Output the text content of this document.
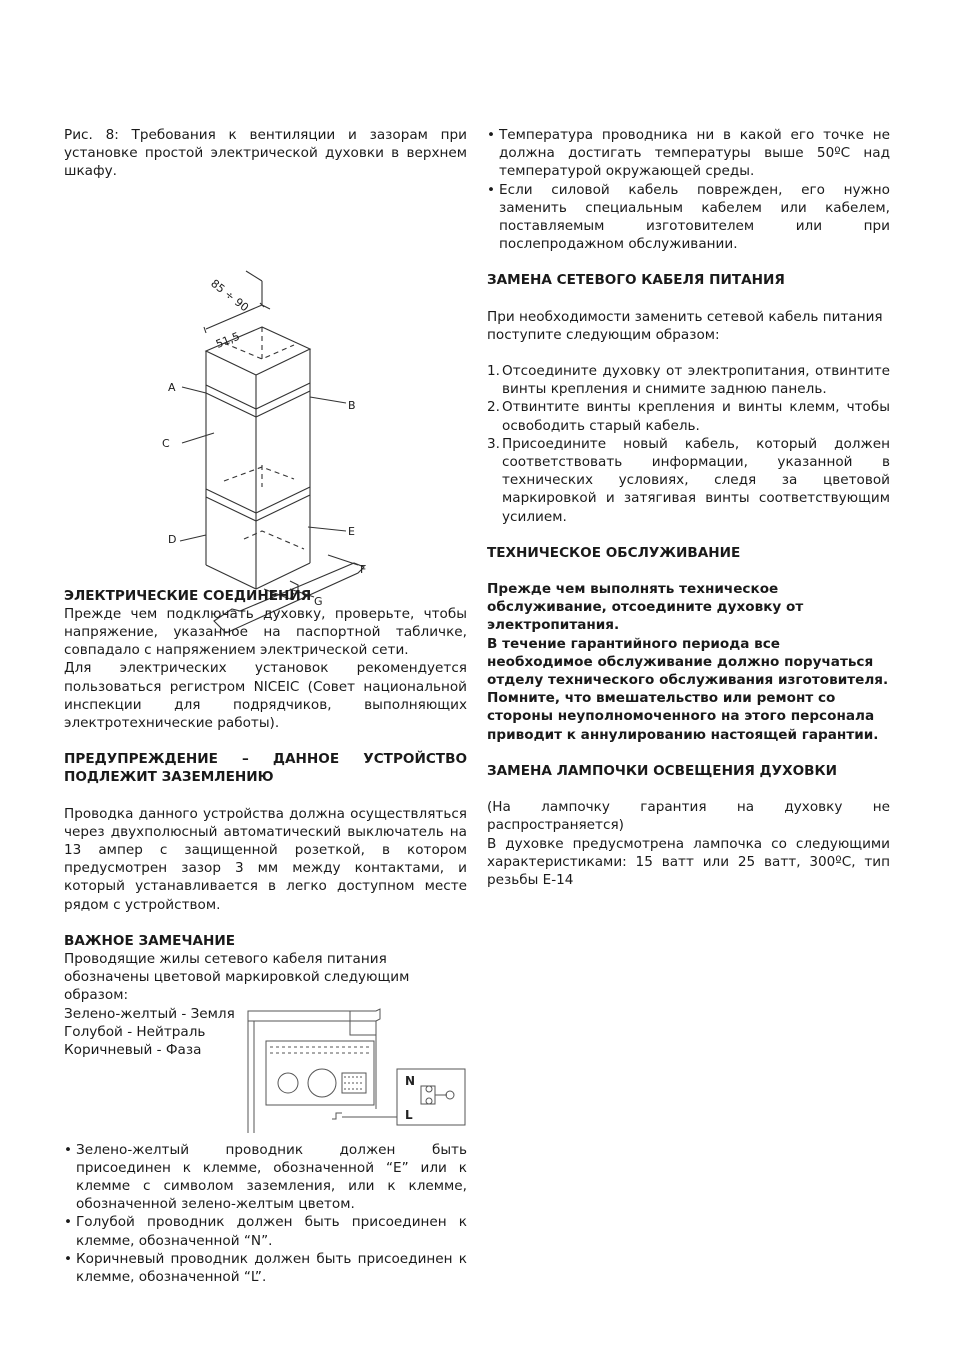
Рис. 8: Требования к вентиляции и зазорам при установке простой электрической духовки в верхнем шкафу.

85 ÷ 90
51,5
A
B
C
D
E
F
G
ЭЛЕКТРИЧЕСКИЕ СОЕДИНЕНИЯ

Прежде чем подключать духовку, проверьте, чтобы напряжение, указанное на паспортной табличке, совпадало с напряжением электрической сети.

Для электрических установок рекомендуется пользоваться регистром NICEIC (Совет национальной инспекции для подрядчиков, выполняющих электротехнические работы).

ПРЕДУПРЕЖДЕНИЕ – ДАННОЕ УСТРОЙСТВО ПОДЛЕЖИТ ЗАЗЕМЛЕНИЮ

Проводка данного устройства должна осуществляться через двухполюсный автоматический выключатель на 13 ампер с защищенной розеткой, в котором предусмотрен зазор 3 мм между контактами, и который устанавливается в легко доступном месте рядом с устройством.

ВАЖНОЕ ЗАМЕЧАНИЕ

Проводящие жилы сетевого кабеля питания обозначены цветовой маркировкой следующим образом:

Зелено-желтый - Земля

Голубой - Нейтраль

Коричневый - Фаза

N
L
• Зелено-желтый проводник должен быть присоединен к клемме, обозначенной “E” или к клемме с символом заземления, или к клемме, обозначенной зелено-желтым цветом.
• Голубой проводник должен быть присоединен к клемме, обозначенной “N”.
• Коричневый проводник должен быть присоединен к клемме, обозначенной “L”.
• Температура проводника ни в какой его точке не должна достигать температуры выше 50ºC над температурой окружающей среды.
• Если силовой кабель поврежден, его нужно заменить специальным кабелем или кабелем, поставляемым изготовителем или при послепродажном обслуживании.
ЗАМЕНА СЕТЕВОГО КАБЕЛЯ ПИТАНИЯ

При необходимости заменить сетевой кабель питания поступите следующим образом:

1. Отсоедините духовку от электропитания, отвинтите винты крепления и снимите заднюю панель.
2. Отвинтите винты крепления и винты клемм, чтобы освободить старый кабель.
3. Присоедините новый кабель, который должен соответствовать информации, указанной в технических условиях, следя за цветовой маркировкой и затягивая винты соответствующим усилием.
ТЕХНИЧЕСКОЕ ОБСЛУЖИВАНИЕ

Прежде чем выполнять техническое обслуживание, отсоедините духовку от электропитания.

В течение гарантийного периода все необходимое обслуживание должно поручаться отделу технического обслуживания изготовителя. Помните, что вмешательство или ремонт со стороны неуполномоченного на этого персонала приводит к аннулированию настоящей гарантии.

ЗАМЕНА ЛАМПОЧКИ ОСВЕЩЕНИЯ ДУХОВКИ

(На лампочку гарантия на духовку не распространяется)

В духовке предусмотрена лампочка со следующими характеристиками: 15 ватт или 25 ватт, 300ºC, тип резьбы E-14
